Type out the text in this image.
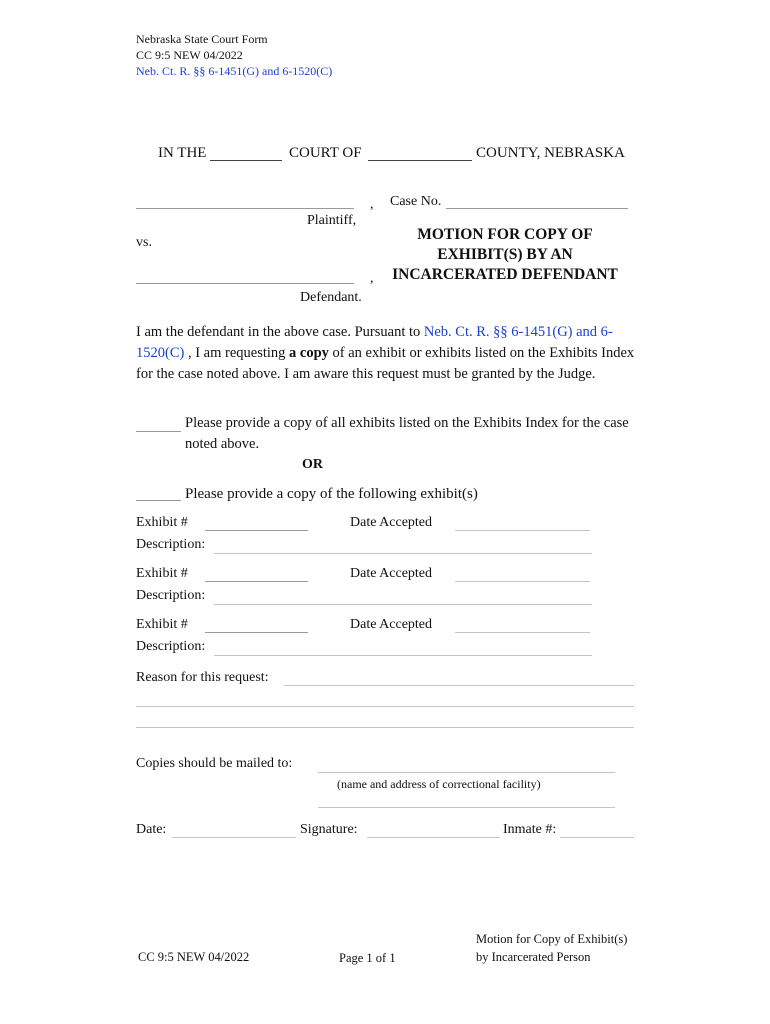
Nebraska State Court Form
CC 9:5 NEW 04/2022
Neb. Ct. R. §§ 6-1451(G) and 6-1520(C)
IN THE	COURT OF	COUNTY, NEBRASKA
,
Plaintiff,
Case No.
vs.
,
Defendant.
MOTION FOR COPY OF
EXHIBIT(S) BY AN
INCARCERATED DEFENDANT
I am the defendant in the above case. Pursuant to Neb. Ct. R. §§ 6-1451(G) and 6-1520(C) , I am requesting a copy of an exhibit or exhibits listed on the Exhibits Index for the case noted above. I am aware this request must be granted by the Judge.
Please provide a copy of all exhibits listed on the Exhibits Index for the case noted above.
OR
Please provide a copy of the following exhibit(s)
Exhibit #	Date Accepted
Description:
Exhibit #	Date Accepted
Description:
Exhibit #	Date Accepted
Description:
Reason for this request:
Copies should be mailed to:
(name and address of correctional facility)
Date:	Signature:	Inmate #:
CC 9:5 NEW 04/2022	Page 1 of 1
Motion for Copy of Exhibit(s)
by Incarcerated Person
